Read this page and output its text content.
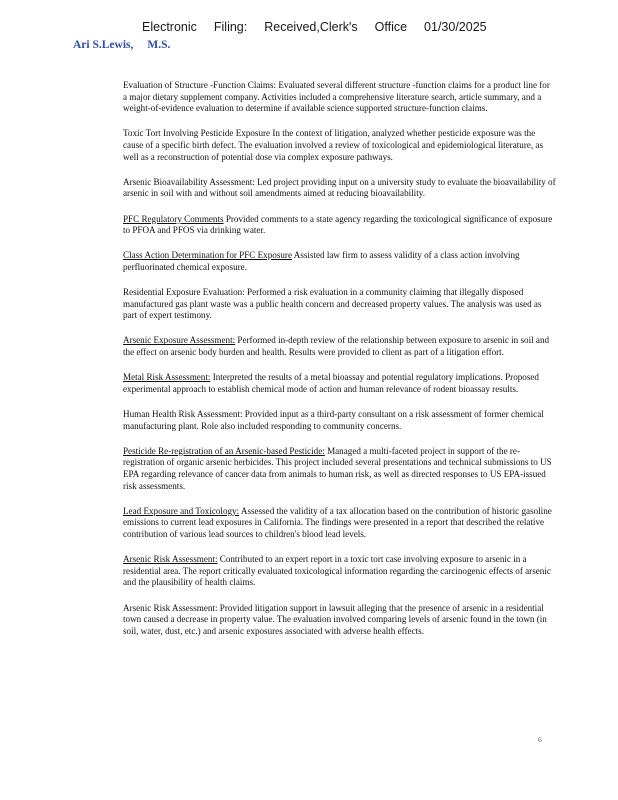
Electronic Filing: Received,Clerk's Office 01/30/2025
Ari S.Lewis, M.S.

Evaluation of Structure -Function Claims: Evaluated several different structure -function claims for a product line for a major dietary supplement company. Activities included a comprehensive literature search, article summary, and a weight-of-evidence evaluation to determine if available science supported structure-function claims.

Toxic Tort Involving Pesticide Exposure In the context of litigation, analyzed whether pesticide exposure was the cause of a specific birth defect. The evaluation involved a review of toxicological and epidemiological literature, as well as a reconstruction of potential dose via complex exposure pathways.

Arsenic Bioavailability Assessment: Led project providing input on a university study to evaluate the bioavailability of arsenic in soil with and without soil amendments aimed at reducing bioavailability.

PFC Regulatory Comments Provided comments to a state agency regarding the toxicological significance of exposure to PFOA and PFOS via drinking water.

Class Action Determination for PFC Exposure Assisted law firm to assess validity of a class action involving perfluorinated chemical exposure.

Residential Exposure Evaluation: Performed a risk evaluation in a community claiming that illegally disposed manufactured gas plant waste was a public health concern and decreased property values. The analysis was used as part of expert testimony.

Arsenic Exposure Assessment: Performed in-depth review of the relationship between exposure to arsenic in soil and the effect on arsenic body burden and health. Results were provided to client as part of a litigation effort.

Metal Risk Assessment: Interpreted the results of a metal bioassay and potential regulatory implications. Proposed experimental approach to establish chemical mode of action and human relevance of rodent bioassay results.

Human Health Risk Assessment: Provided input as a third-party consultant on a risk assessment of former chemical manufacturing plant. Role also included responding to community concerns.

Pesticide Re-registration of an Arsenic-based Pesticide: Managed a multi-faceted project in support of the re-registration of organic arsenic herbicides. This project included several presentations and technical submissions to US EPA regarding relevance of cancer data from animals to human risk, as well as directed responses to US EPA-issued risk assessments.

Lead Exposure and Toxicology: Assessed the validity of a tax allocation based on the contribution of historic gasoline emissions to current lead exposures in California. The findings were presented in a report that described the relative contribution of various lead sources to children's blood lead levels.

Arsenic Risk Assessment: Contributed to an expert report in a toxic tort case involving exposure to arsenic in a residential area. The report critically evaluated toxicological information regarding the carcinogenic effects of arsenic and the plausibility of health claims.

Arsenic Risk Assessment: Provided litigation support in lawsuit alleging that the presence of arsenic in a residential town caused a decrease in property value. The evaluation involved comparing levels of arsenic found in the town (in soil, water, dust, etc.) and arsenic exposures associated with adverse health effects.

6
